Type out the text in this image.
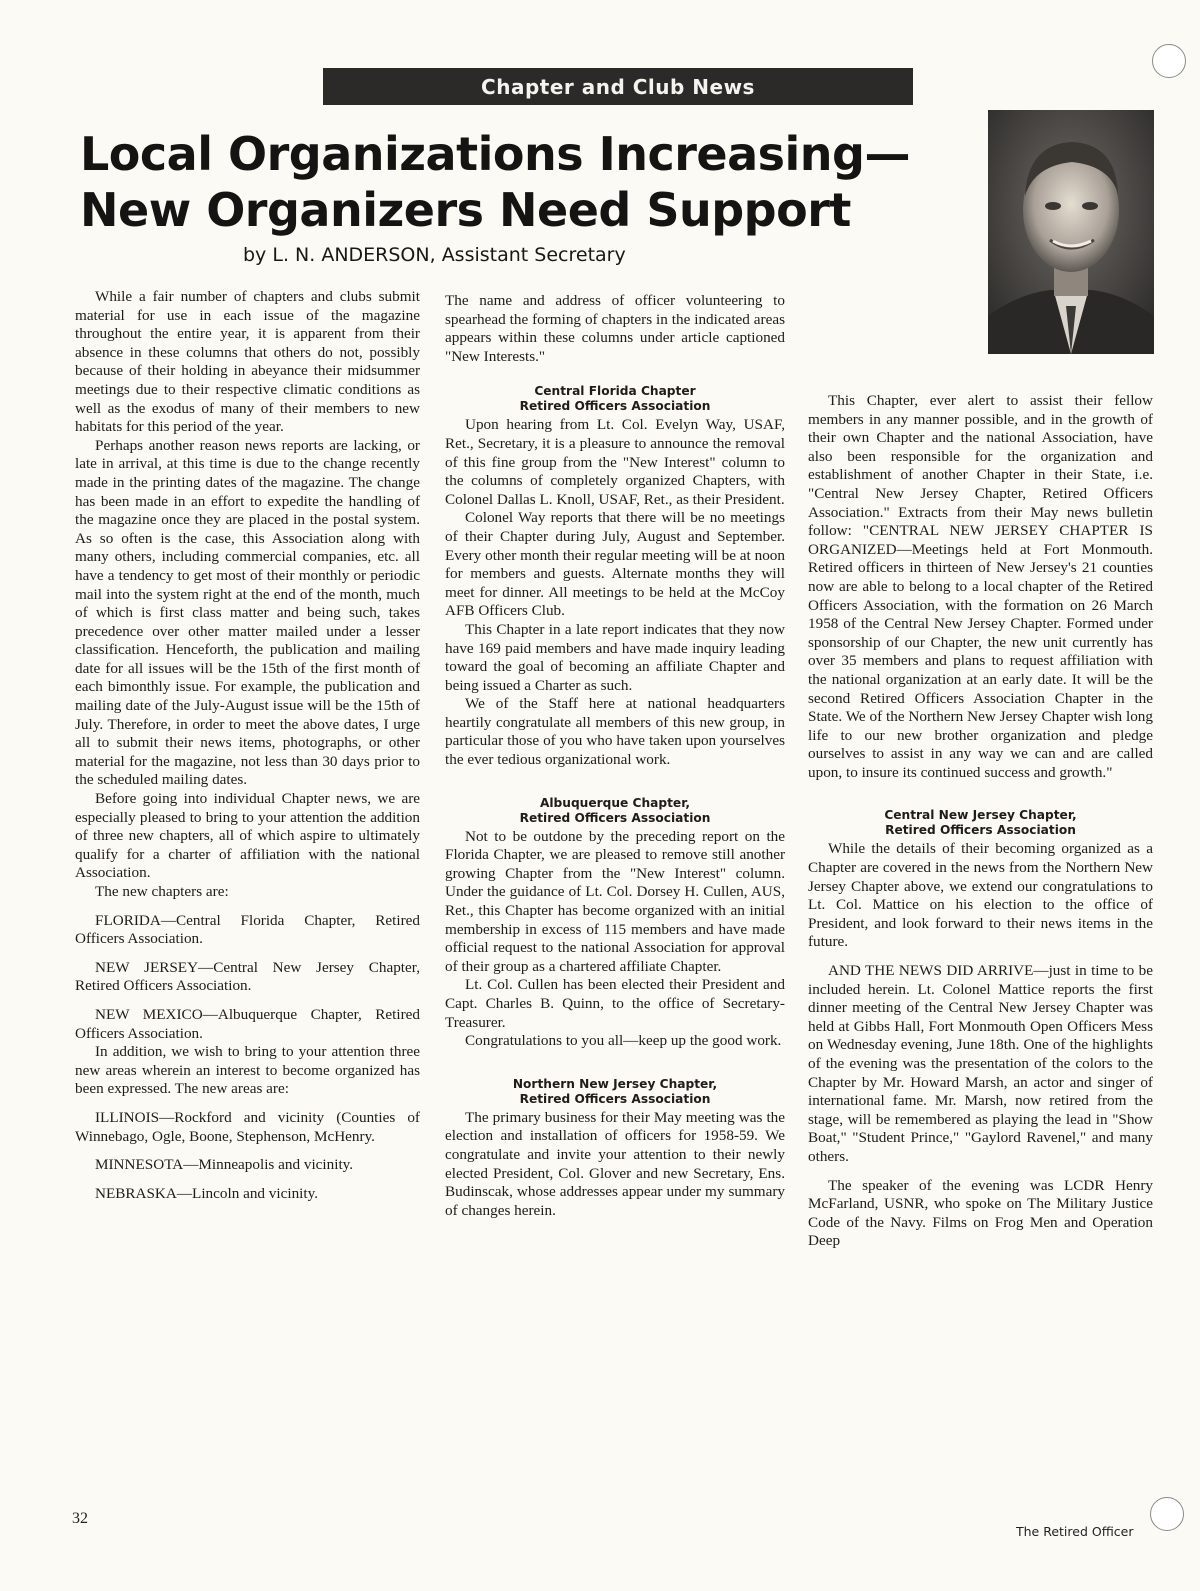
Chapter and Club News
Local Organizations Increasing—
New Organizers Need Support

by L. N. ANDERSON, Assistant Secretary

While a fair number of chapters and clubs submit material for use in each issue of the magazine throughout the entire year, it is apparent from their absence in these columns that others do not, possibly because of their holding in abeyance their midsummer meetings due to their respective climatic conditions as well as the exodus of many of their members to new habitats for this period of the year.

Perhaps another reason news reports are lacking, or late in arrival, at this time is due to the change recently made in the printing dates of the magazine. The change has been made in an effort to expedite the handling of the magazine once they are placed in the postal system. As so often is the case, this Association along with many others, including commercial companies, etc. all have a tendency to get most of their monthly or periodic mail into the system right at the end of the month, much of which is first class matter and being such, takes precedence over other matter mailed under a lesser classification. Henceforth, the publication and mailing date for all issues will be the 15th of the first month of each bimonthly issue. For example, the publication and mailing date of the July-August issue will be the 15th of July. Therefore, in order to meet the above dates, I urge all to submit their news items, photographs, or other material for the magazine, not less than 30 days prior to the scheduled mailing dates.

Before going into individual Chapter news, we are especially pleased to bring to your attention the addition of three new chapters, all of which aspire to ultimately qualify for a charter of affiliation with the national Association.

The new chapters are:

FLORIDA—Central Florida Chapter, Retired Officers Association.

NEW JERSEY—Central New Jersey Chapter, Retired Officers Association.

NEW MEXICO—Albuquerque Chapter, Retired Officers Association.

In addition, we wish to bring to your attention three new areas wherein an interest to become organized has been expressed. The new areas are:

ILLINOIS—Rockford and vicinity (Counties of Winnebago, Ogle, Boone, Stephenson, McHenry.

MINNESOTA—Minneapolis and vicinity.

NEBRASKA—Lincoln and vicinity.

The name and address of officer volunteering to spearhead the forming of chapters in the indicated areas appears within these columns under article captioned "New Interests."

Central Florida Chapter
Retired Officers Association

Upon hearing from Lt. Col. Evelyn Way, USAF, Ret., Secretary, it is a pleasure to announce the removal of this fine group from the "New Interest" column to the columns of completely organized Chapters, with Colonel Dallas L. Knoll, USAF, Ret., as their President.

Colonel Way reports that there will be no meetings of their Chapter during July, August and September. Every other month their regular meeting will be at noon for members and guests. Alternate months they will meet for dinner. All meetings to be held at the McCoy AFB Officers Club.

This Chapter in a late report indicates that they now have 169 paid members and have made inquiry leading toward the goal of becoming an affiliate Chapter and being issued a Charter as such.

We of the Staff here at national headquarters heartily congratulate all members of this new group, in particular those of you who have taken upon yourselves the ever tedious organizational work.

Albuquerque Chapter,
Retired Officers Association

Not to be outdone by the preceding report on the Florida Chapter, we are pleased to remove still another growing Chapter from the "New Interest" column. Under the guidance of Lt. Col. Dorsey H. Cullen, AUS, Ret., this Chapter has become organized with an initial membership in excess of 115 members and have made official request to the national Association for approval of their group as a chartered affiliate Chapter.

Lt. Col. Cullen has been elected their President and Capt. Charles B. Quinn, to the office of Secretary-Treasurer.

Congratulations to you all—keep up the good work.

Northern New Jersey Chapter,
Retired Officers Association

The primary business for their May meeting was the election and installation of officers for 1958-59. We congratulate and invite your attention to their newly elected President, Col. Glover and new Secretary, Ens. Budinscak, whose addresses appear under my summary of changes herein.

This Chapter, ever alert to assist their fellow members in any manner possible, and in the growth of their own Chapter and the national Association, have also been responsible for the organization and establishment of another Chapter in their State, i.e. "Central New Jersey Chapter, Retired Officers Association." Extracts from their May news bulletin follow: "CENTRAL NEW JERSEY CHAPTER IS ORGANIZED—Meetings held at Fort Monmouth. Retired officers in thirteen of New Jersey's 21 counties now are able to belong to a local chapter of the Retired Officers Association, with the formation on 26 March 1958 of the Central New Jersey Chapter. Formed under sponsorship of our Chapter, the new unit currently has over 35 members and plans to request affiliation with the national organization at an early date. It will be the second Retired Officers Association Chapter in the State. We of the Northern New Jersey Chapter wish long life to our new brother organization and pledge ourselves to assist in any way we can and are called upon, to insure its continued success and growth."

Central New Jersey Chapter,
Retired Officers Association

While the details of their becoming organized as a Chapter are covered in the news from the Northern New Jersey Chapter above, we extend our congratulations to Lt. Col. Mattice on his election to the office of President, and look forward to their news items in the future.

AND THE NEWS DID ARRIVE—just in time to be included herein. Lt. Colonel Mattice reports the first dinner meeting of the Central New Jersey Chapter was held at Gibbs Hall, Fort Monmouth Open Officers Mess on Wednesday evening, June 18th. One of the highlights of the evening was the presentation of the colors to the Chapter by Mr. Howard Marsh, an actor and singer of international fame. Mr. Marsh, now retired from the stage, will be remembered as playing the lead in "Show Boat," "Student Prince," "Gaylord Ravenel," and many others.

The speaker of the evening was LCDR Henry McFarland, USNR, who spoke on The Military Justice Code of the Navy. Films on Frog Men and Operation Deep

32
The Retired Officer
